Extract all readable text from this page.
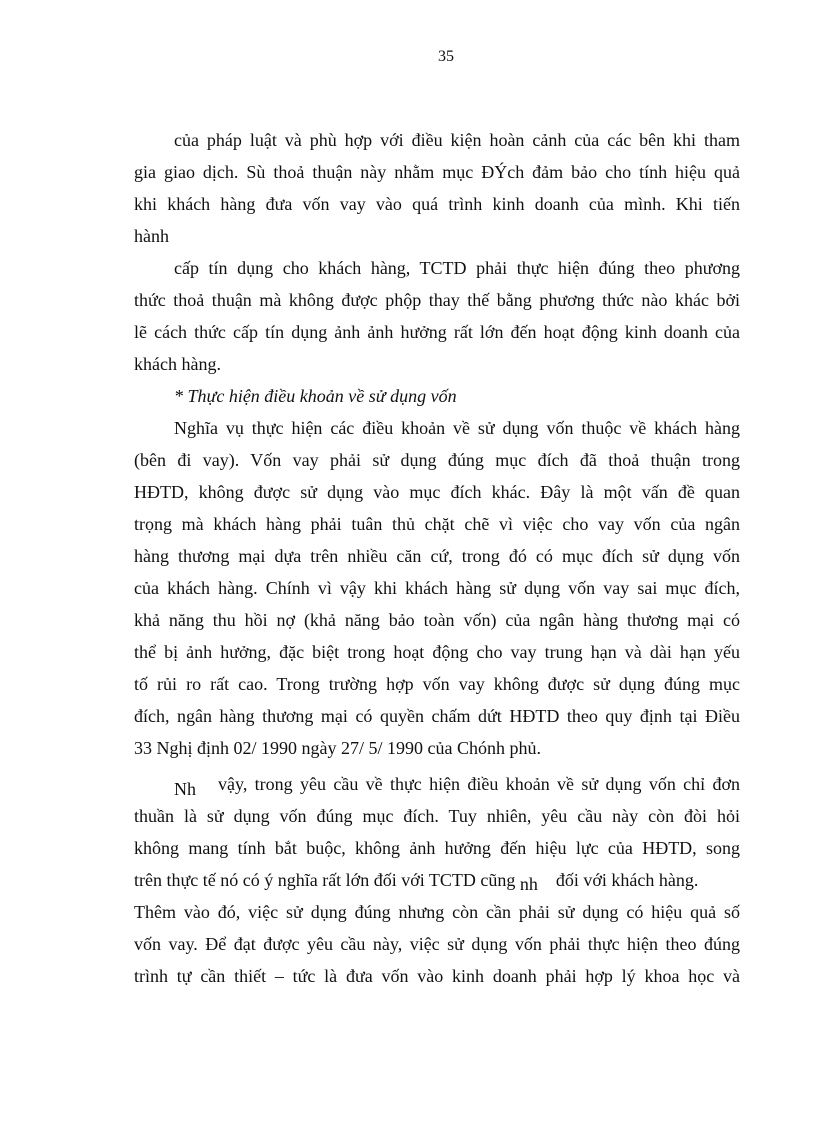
35
của pháp luật và phù hợp với điều kiện hoàn cảnh của các bên khi tham
gia giao dịch. Sù thoả thuận này nhằm mục ĐÝch đảm bảo cho tính hiệu quả
khi khách hàng đưa vốn vay vào quá trình kinh doanh của mình. Khi tiến
hành
cấp tín dụng cho khách hàng, TCTD phải thực hiện đúng theo phương
thức thoả thuận mà không được phộp thay thế bằng phương thức nào khác bởi
lẽ cách thức cấp tín dụng ảnh ảnh hưởng rất lớn đến hoạt động kinh doanh của
khách hàng.
* Thực hiện điều khoản về sử dụng vốn
Nghĩa vụ thực hiện các điều khoản về sử dụng vốn thuộc về khách hàng
(bên đi vay). Vốn vay phải sử dụng đúng mục đích đã thoả thuận trong
HĐTD, không được sử dụng vào mục đích khác. Đây là một vấn đề quan
trọng mà khách hàng phải tuân thủ chặt chẽ vì việc cho vay vốn của ngân
hàng thương mại dựa trên nhiều căn cứ, trong đó có mục đích sử dụng vốn
của khách hàng. Chính vì vậy khi khách hàng sử dụng vốn vay sai mục đích,
khả năng thu hồi nợ (khả năng bảo toàn vốn) của ngân hàng thương mại có
thể bị ảnh hưởng, đặc biệt trong hoạt động cho vay trung hạn và dài hạn yếu
tố rủi ro rất cao. Trong trường hợp vốn vay không được sử dụng đúng mục
đích, ngân hàng thương mại có quyền chấm dứt HĐTD theo quy định tại Điều
33 Nghị định 02/ 1990 ngày 27/ 5/ 1990 của Chónh phủ.
Nh vậy, trong yêu cầu về thực hiện điều khoản về sử dụng vốn chỉ đơn
thuần là sử dụng vốn đúng mục đích. Tuy nhiên, yêu cầu này còn đòi hỏi
không mang tính bắt buộc, không ảnh hưởng đến hiệu lực của HĐTD, song
trên thực tế nó có ý nghĩa rất lớn đối với TCTD cũng nh đối với khách hàng.
Thêm vào đó, việc sử dụng đúng nhưng còn cần phải sử dụng có hiệu quả số
vốn vay. Để đạt được yêu cầu này, việc sử dụng vốn phải thực hiện theo đúng
trình tự cần thiết – tức là đưa vốn vào kinh doanh phải hợp lý khoa học và
